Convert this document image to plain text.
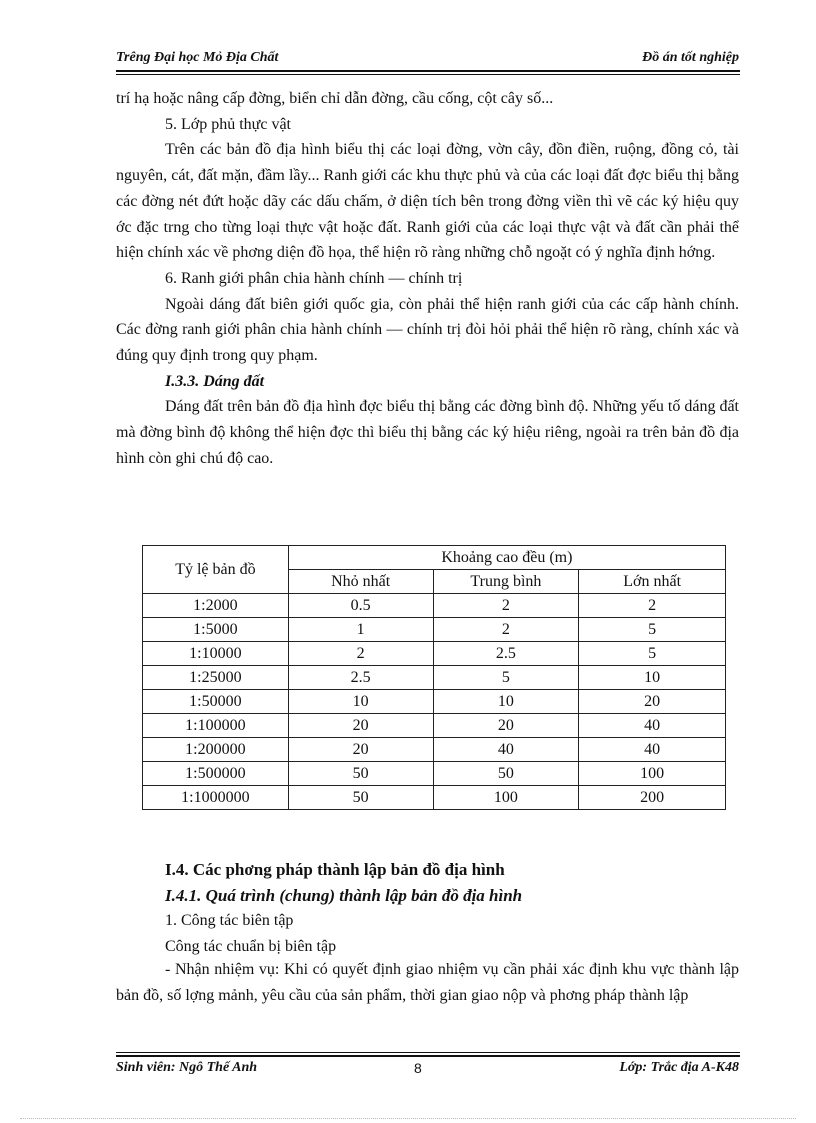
Trêng Đại học Mỏ Địa Chất	Đồ án tốt nghiệp

trí hạ hoặc nâng cấp đờng, biển chỉ dẫn đờng, cầu cống, cột cây số...

5. Lớp phủ thực vật

Trên các bản đồ địa hình biểu thị các loại đờng, vờn cây, đồn điền, ruộng, đồng cỏ, tài nguyên, cát, đất mặn, đầm lầy... Ranh giới các khu thực phủ và của các loại đất đợc biểu thị bằng các đờng nét đứt hoặc dãy các dấu chấm, ở diện tích bên trong đờng viền thì vẽ các ký hiệu quy ớc đặc trng cho từng loại thực vật hoặc đất. Ranh giới của các loại thực vật và đất cần phải thể hiện chính xác về phơng diện đồ họa, thể hiện rõ ràng những chỗ ngoặt có ý nghĩa định hớng.

6. Ranh giới phân chia hành chính — chính trị

Ngoài dáng đất biên giới quốc gia, còn phải thể hiện ranh giới của các cấp hành chính. Các đờng ranh giới phân chia hành chính — chính trị đòi hỏi phải thể hiện rõ ràng, chính xác và đúng quy định trong quy phạm.

I.3.3. Dáng đất

Dáng đất trên bản đồ địa hình đợc biểu thị bằng các đờng bình độ. Những yếu tố dáng đất mà đờng bình độ không thể hiện đợc thì biểu thị bằng các ký hiệu riêng, ngoài ra trên bản đồ địa hình còn ghi chú độ cao.

Tỷ lệ bản đồ	Khoảng cao đều (m)		
	Nhỏ nhất	Trung bình	Lớn nhất
1:2000	0.5	2	2
1:5000	1	2	5
1:10000	2	2.5	5
1:25000	2.5	5	10
1:50000	10	10	20
1:100000	20	20	40
1:200000	20	40	40
1:500000	50	50	100
1:1000000	50	100	200
I.4. Các phơng pháp thành lập bản đồ địa hình
I.4.1. Quá trình (chung) thành lập bản đồ địa hình
1. Công tác biên tập
Công tác chuẩn bị biên tập

- Nhận nhiệm vụ: Khi có quyết định giao nhiệm vụ cần phải xác định khu vực thành lập bản đồ, số lợng mảnh, yêu cầu của sản phẩm, thời gian giao nộp và phơng pháp thành lập

Sinh viên: Ngô Thế Anh	8	Lớp: Trắc địa A-K48
